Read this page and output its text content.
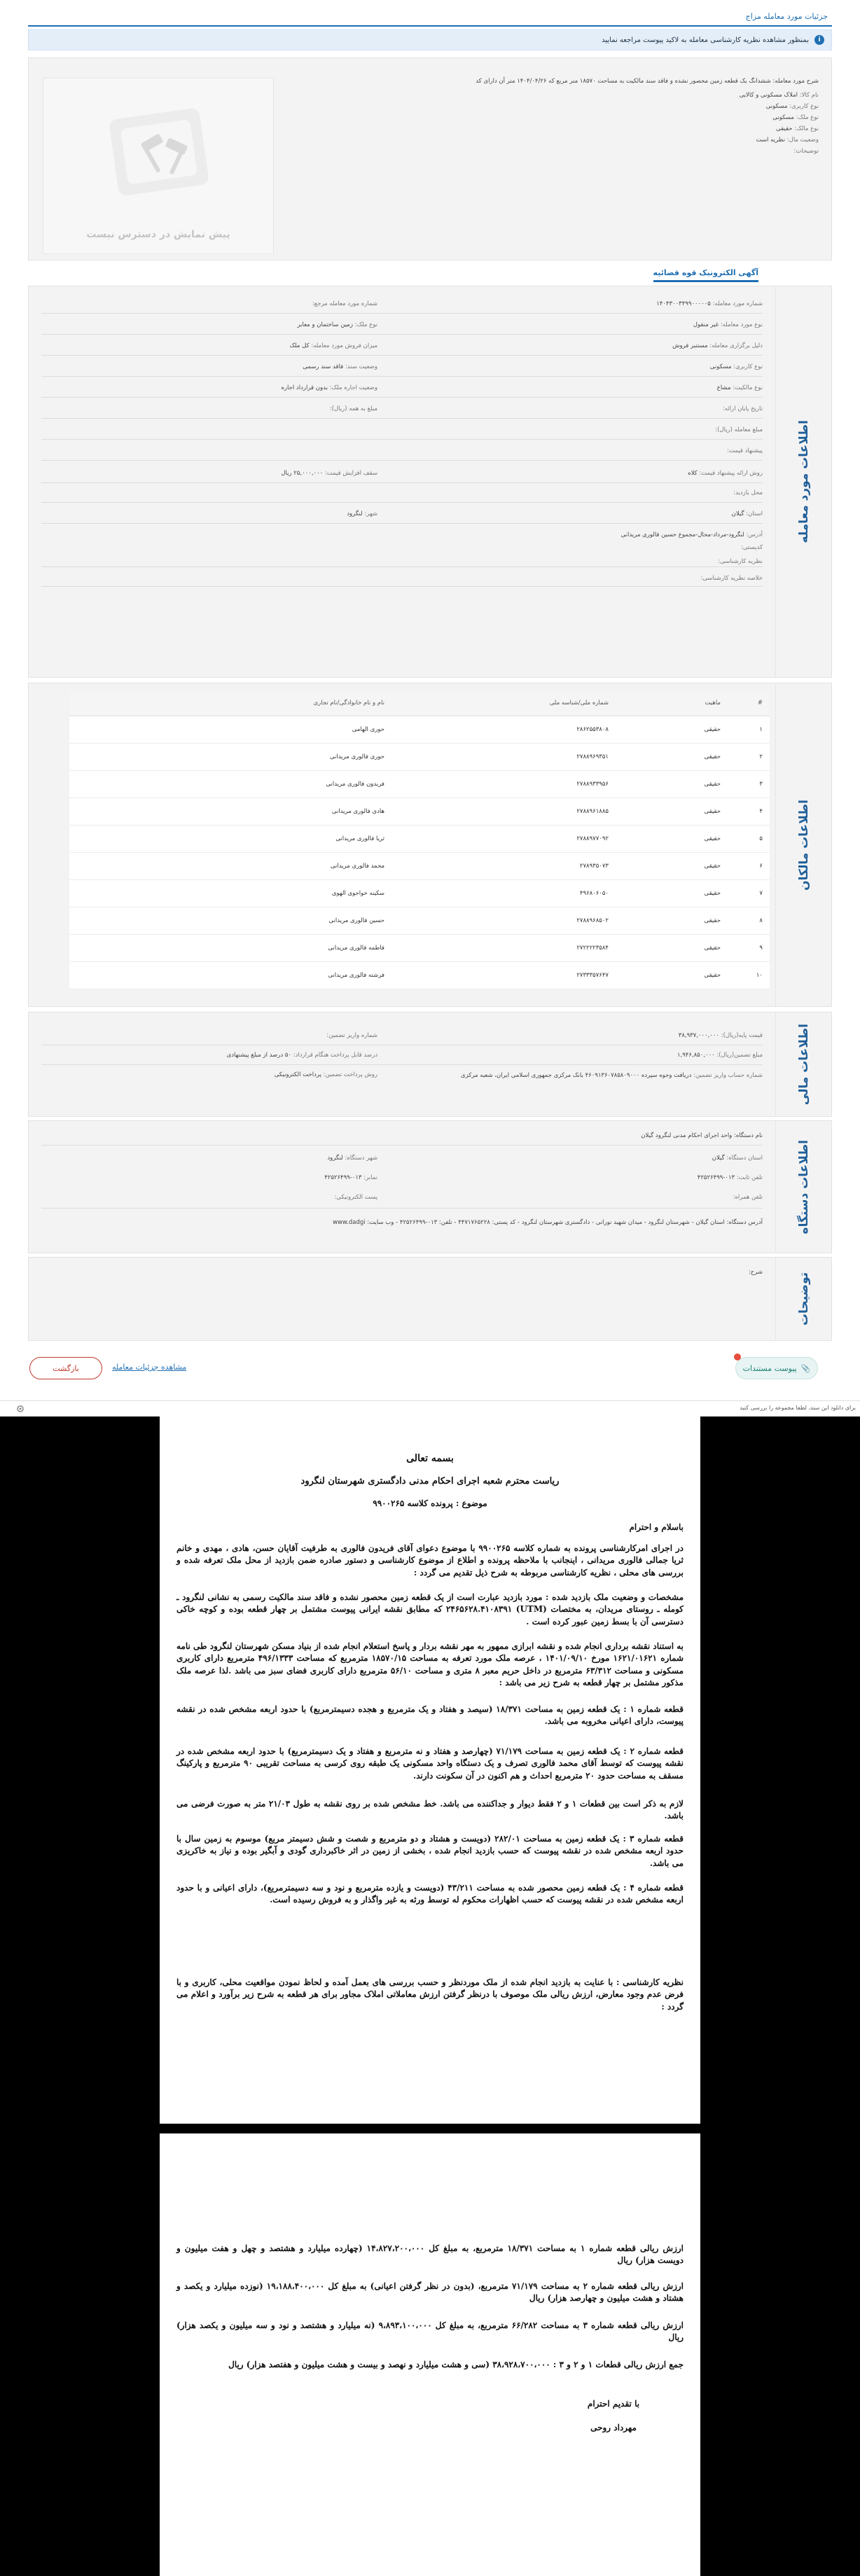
جزئیات مورد معامله مزاج
i
بمنظور مشاهده نظریه کارشناسی معامله به لاکید پیوست مراجعه نمایید
شرح مورد معامله: ششدانگ یک قطعه زمین محصور نشده و فاقد سند مالکیت به مساحت ۱۸۵۷۰ متر مربع که ۱۴۰۴/۰۴/۲۶ متر آن دارای کد
نام کالا: املاک مسکونی و کالایی
نوع کاربری: مسکونی
نوع ملک: مسکونی
نوع مالک: حقیقی
وضعیت مال: نظریه است
توضیحات:
پیش نمایش در دسترس نیست
آگهی الکترونیک قوه قضائیه
اطلاعات مورد معامله
شماره مورد معامله: ۱۴۰۴۳۰۰۳۴۹۹۰۰۰۰۰۵
نوع مورد معامله: غیر منقول
دلیل برگزاری معامله: مستنبر فروش
نوع کاربری: مسکونی
نوع مالکیت: مشاع
تاریخ پایان ارائه:
مبلغ معامله (ریال):
پیشنهاد قیمت:
روش ارائه پیشنهاد قیمت: کلاه
محل بازدید:
استان: گیلان
آدرس: لنگرود-مرداد-محال-مجموع حسین قالوری مریدانی
کدپستی:
نظریه کارشناسی:
خلاصه نظریه کارشناسی:
شماره مورد معامله مرجع:
نوع ملک: زمین ساختمان و معابر
میزان فروش مورد معامله: کل ملک
وضعیت سند: فاقد سند رسمی
وضعیت اجاره ملک: بدون قرارداد اجاره
مبلغ به همه (ریال):
سقف افزایش قیمت: ۲۵,۰۰۰,۰۰۰ ریال
شهر: لنگرود
اطلاعات مالکان
#	ماهیت	شماره ملی/شناسه ملی	نام و نام خانوادگی/نام تجاری
۱	حقیقی	۲۸۶۲۵۵۳۸۰۸	حوری الهامی
۲	حقیقی	۲۷۸۸۹۶۹۳۵۱	حوری فالوری مریدانی
۳	حقیقی	۲۷۸۸۹۳۳۹۵۶	فریدون فالوری مریدانی
۴	حقیقی	۲۷۸۸۹۶۱۸۸۵	هادی فالوری مریدانی
۵	حقیقی	۲۷۸۸۹۷۷۰۹۲	ثریا فالوری مریدانی
۶	حقیقی	۲۷۸۹۳۵۰۷۳	محمد فالوری مریدانی
۷	حقیقی	۴۹۶۸۰۶۰۵۰	سکینه خواجوی الهوی
۸	حقیقی	۲۷۸۸۹۶۸۵۰۲	حسین فالوری مریدانی
۹	حقیقی	۲۷۲۲۲۲۳۵۸۴	فاطمه فالوری مریدانی
۱۰	حقیقی	۲۷۳۳۳۵۷۶۴۷	فرشته فالوری مریدانی
اطلاعات مالی
قیمت پایه(ریال): ۳۸,۹۳۷,۰۰۰,۰۰۰
شماره واریز تضمین:
مبلغ تضمین(ریال): ۱,۹۴۶,۸۵۰,۰۰۰
درصد قابل پرداخت هنگام قرارداد: ۵۰ درصد از مبلغ پیشنهادی
شماره حساب واریز تضمین: دریافت وجوه سپرده ۴۶۰۹۱۳۶۰۷۸۵۸۰۹۰۰۰ بانک مرکزی جمهوری اسلامی ایران، شعبه مرکزی
روش پرداخت تضمین: پرداخت الکترونیکی
اطلاعات دستگاه
نام دستگاه: واحد اجرای احکام مدنی لنگرود گیلان
استان دستگاه: گیلان
شهر دستگاه: لنگرود
تلفن ثابت: ۰۱۳-۴۲۵۲۶۴۹۹
نمابر: ۰۱۳-۴۲۵۲۶۴۹۹
تلفن همراه:
پست الکترونیکی:
آدرس دستگاه: استان گیلان - شهرستان لنگرود - میدان شهید نورانی - دادگستری شهرستان لنگرود - کد پستی: ۴۴۷۱۷۶۵۲۲۸ - تلفن: ۰۱۳-۴۲۵۲۶۴۹۹ - وب سایت: www.dadgi
توضیحات
شرح:
📎
پیوست مستندات
مشاهده جزئیات معامله
بازگشت
برای دانلود این سند، لطفا مجموعه را بررسی کنید

بسمه تعالی

ریاست محترم شعبه اجرای احکام مدنی دادگستری شهرستان لنگرود

موضوع : پرونده کلاسه ۹۹۰۰۲۶۵

باسلام و احترام

در اجرای امرکارشناسی پرونده به شماره کلاسه ۹۹۰۰۲۶۵ با موضوع دعوای آقای فریدون فالوری به طرفیت آقایان حسن، هادی ، مهدی و خانم ثریا جمالی فالوری مریدانی ، اینجانب با ملاحظه پرونده و اطلاع از موضوع کارشناسی و دستور صادره ضمن بازدید از محل ملک تعرفه شده و بررسی های محلی ، نظریه کارشناسی مربوطه به شرح ذیل تقدیم می گردد :

مشخصات و وضعیت ملک بازدید شده : مورد بازدید عبارت است از یک قطعه زمین محصور نشده و فاقد سند مالکیت رسمی به نشانی لنگرود ـ کومله ـ روستای مریدان، به مختصات (UTM) ۲۴۶۵۶۲۸.۴۱۰۸۳۹۱ که مطابق نقشه ایرانی پیوست مشتمل بر چهار قطعه بوده و کوچه خاکی دسترسی آن با بسط زمین عبور کرده است .

به استناد نقشه برداری انجام شده و نقشه ابرازی ممهور به مهر نقشه بردار و پاسخ استعلام انجام شده از بنیاد مسکن شهرستان لنگرود طی نامه شماره ۱۶۲۱/۰۱۶۲۱ مورخ ۱۴۰۱/۰۹/۱۰ ، عرصه ملک مورد تعرفه به مساحت ۱۸۵۷۰/۱۵ مترمربع که مساحت ۴۹۶/۱۳۳۳ مترمربع دارای کاربری مسکونی و مساحت ۶۳/۳۱۲ مترمربع در داخل حریم معبر ۸ متری و مساحت ۵۶/۱۰ مترمربع دارای کاربری فضای سبز می باشد .لذا عرصه ملک مذکور مشتمل بر چهار قطعه به شرح زیر می باشد :

قطعه شماره ۱ : یک قطعه زمین به مساحت ۱۸/۳۷۱ (سیصد و هفتاد و یک مترمربع و هجده دسیمترمربع) با حدود اربعه مشخص شده در نقشه پیوست، دارای اعیانی مخروبه می باشد.

قطعه شماره ۲ : یک قطعه زمین به مساحت ۷۱/۱۷۹ (چهارصد و هفتاد و نه مترمربع و هفتاد و یک دسیمترمربع) با حدود اربعه مشخص شده در نقشه پیوست که توسط آقای محمد فالوری تصرف و یک دستگاه واحد مسکونی یک طبقه روی کرسی به مساحت تقریبی ۹۰ مترمربع و پارکینگ مسقف به مساحت حدود ۲۰ مترمربع احداث و هم اکنون در آن سکونت دارند.

لازم به ذکر است بین قطعات ۱ و ۲ فقط دیوار و جداکننده می باشد. خط مشخص شده بر روی نقشه به طول ۲۱/۰۳ متر به صورت فرضی می باشد.

قطعه شماره ۳ : یک قطعه زمین به مساحت ۲۸۲/۰۱ (دویست و هشتاد و دو مترمربع و شصت و شش دسیمتر مربع) موسوم به زمین سال با حدود اربعه مشخص شده در نقشه پیوست که حسب بازدید انجام شده ، بخشی از زمین در اثر خاکبرداری گودی و آبگیر بوده و نیاز به خاکریزی می باشد.

قطعه شماره ۴ : یک قطعه زمین محصور شده به مساحت ۴۳/۲۱۱ (دویست و یازده مترمربع و نود و سه دسیمترمربع)، دارای اعیانی و با حدود اربعه مشخص شده در نقشه پیوست که حسب اظهارات محکوم له توسط ورثه به غیر واگذار و به فروش رسیده است.

نظریه کارشناسی : با عنایت به بازدید انجام شده از ملک موردنظر و حسب بررسی های بعمل آمده و لحاظ نمودن مواقعیت محلی، کاربری و با فرض عدم وجود معارض، ارزش ریالی ملک موصوف با درنظر گرفتن ارزش معاملاتی املاک مجاور برای هر قطعه به شرح زیر برآورد و اعلام می گردد :

ارزش ریالی قطعه شماره ۱ به مساحت ۱۸/۳۷۱ مترمربع، به مبلغ کل ۱۴،۸۲۷،۲۰۰،۰۰۰ (چهارده میلیارد و هشتصد و چهل و هفت میلیون و دویست هزار) ریال

ارزش ریالی قطعه شماره ۲ به مساحت ۷۱/۱۷۹ مترمربع، (بدون در نظر گرفتن اعیانی) به مبلغ کل ۱۹،۱۸۸،۴۰۰،۰۰۰ (نوزده میلیارد و یکصد و هشتاد و هشت میلیون و چهارصد هزار) ریال

ارزش ریالی قطعه شماره ۳ به مساحت ۶۶/۲۸۲ مترمربع، به مبلغ کل ۹،۸۹۳،۱۰۰،۰۰۰ (نه میلیارد و هشتصد و نود و سه میلیون و یکصد هزار) ریال

جمع ارزش ریالی قطعات ۱ و ۲ و ۳ : ۳۸،۹۲۸،۷۰۰،۰۰۰ (سی و هشت میلیارد و نهصد و بیست و هشت میلیون و هفتصد هزار) ریال

با تقدیم احترام

مهرداد روحی
